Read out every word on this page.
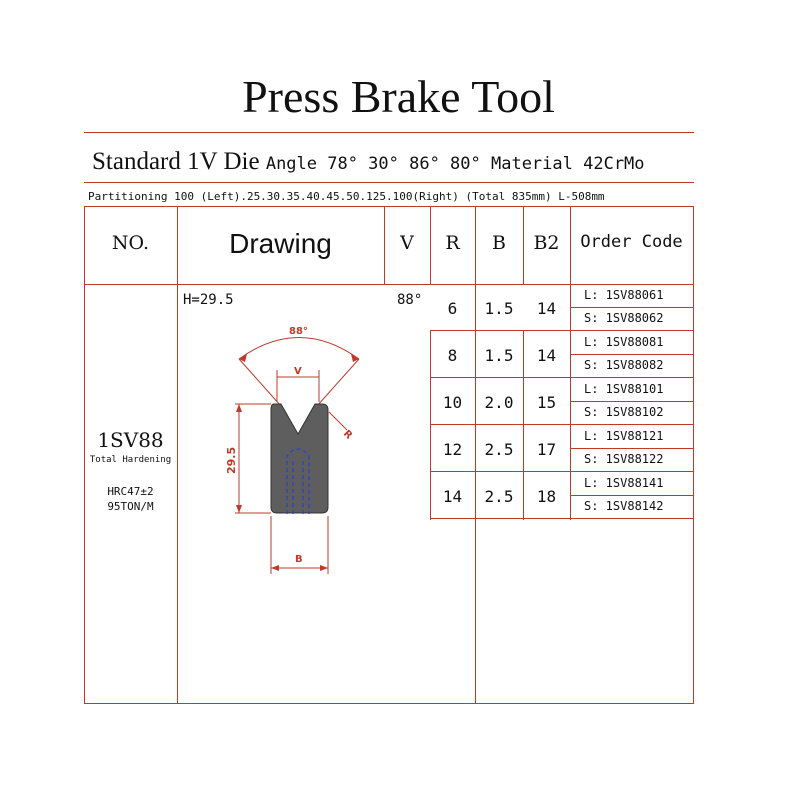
Press Brake Tool
Standard 1V Die Angle 78° 30° 86° 80° Material 42CrMo
Partitioning 100 (Left).25.30.35.40.45.50.125.100(Right) (Total 835mm) L-508mm
NO.	Drawing	V	R	B	B2	Order Code
1SV88
Total Hardening
HRC47±2
95TON/M
H=29.5	88°
88°
V
R
29.5
B
6	1.5	14
L: 1SV88061
S: 1SV88062
8	1.5	14
L: 1SV88081
S: 1SV88082
10	2.0	15
L: 1SV88101
S: 1SV88102
12	2.5	17
L: 1SV88121
S: 1SV88122
14	2.5	18
L: 1SV88141
S: 1SV88142
